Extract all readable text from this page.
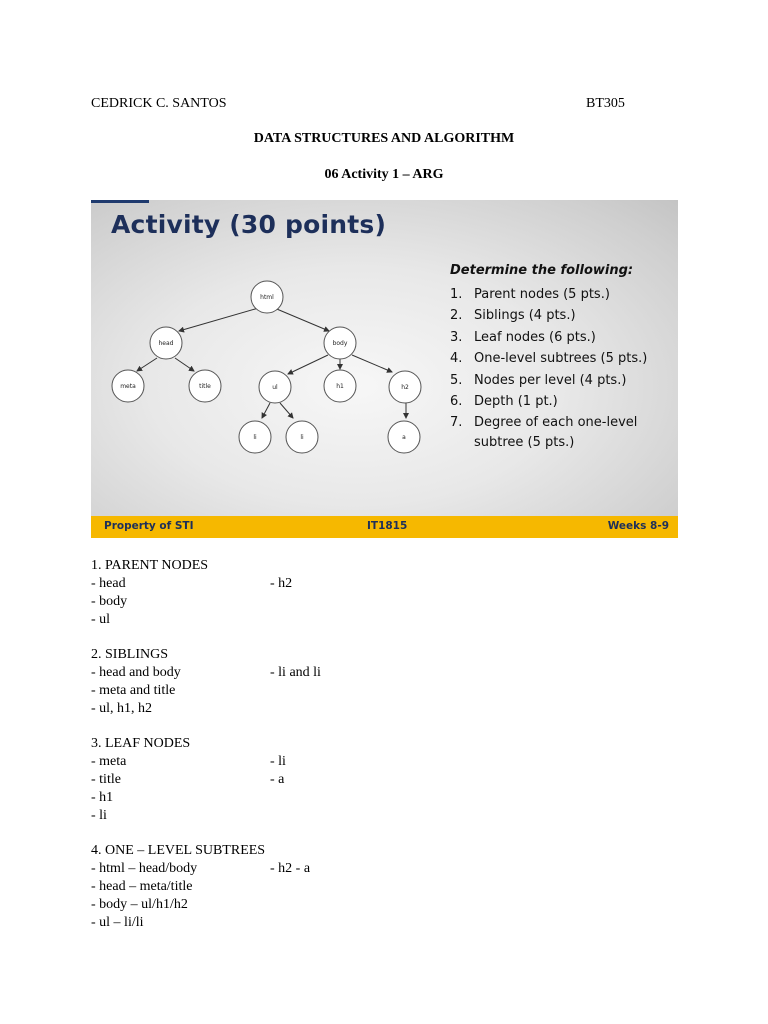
CEDRICK C. SANTOS	BT305
DATA STRUCTURES AND ALGORITHM
06 Activity 1 – ARG
Activity (30 points)
html
head	body
meta	title	ul	h1	h2
li	li	a
Determine the following:
1. Parent nodes (5 pts.)
2. Siblings (4 pts.)
3. Leaf nodes (6 pts.)
4. One-level subtrees (5 pts.)
5. Nodes per level (4 pts.)
6. Depth (1 pt.)
7. Degree of each one-level
subtree (5 pts.)
Property of STI	IT1815	Weeks 8-9
1. PARENT NODES
- head	- h2
- body
- ul
2. SIBLINGS
- head and body	- li and li
- meta and title
- ul, h1, h2
3. LEAF NODES
- meta	- li
- title	- a
- h1
- li
4. ONE – LEVEL SUBTREES
- html – head/body	- h2 - a
- head – meta/title
- body – ul/h1/h2
- ul – li/li
